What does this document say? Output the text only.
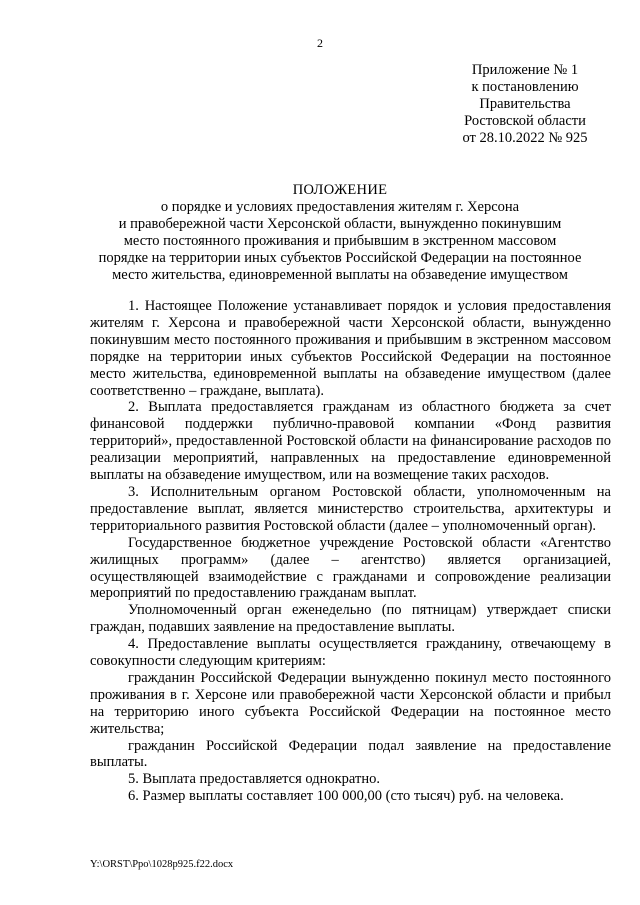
2
Приложение № 1
к постановлению
Правительства
Ростовской области
от 28.10.2022 № 925
ПОЛОЖЕНИЕ
о порядке и условиях предоставления жителям г. Херсона
и правобережной части Херсонской области, вынужденно покинувшим
место постоянного проживания и прибывшим в экстренном массовом
порядке на территории иных субъектов Российской Федерации на постоянное
место жительства, единовременной выплаты на обзаведение имуществом

1. Настоящее Положение устанавливает порядок и условия предоставления жителям г. Херсона и правобережной части Херсонской области, вынужденно покинувшим место постоянного проживания и прибывшим в экстренном массовом порядке на территории иных субъектов Российской Федерации на постоянное место жительства, единовременной выплаты на обзаведение имуществом (далее соответственно – граждане, выплата).

2. Выплата предоставляется гражданам из областного бюджета за счет финансовой поддержки публично-правовой компании «Фонд развития территорий», предоставленной Ростовской области на финансирование расходов по реализации мероприятий, направленных на предоставление единовременной выплаты на обзаведение имуществом, или на возмещение таких расходов.

3. Исполнительным органом Ростовской области, уполномоченным на предоставление выплат, является министерство строительства, архитектуры и территориального развития Ростовской области (далее – уполномоченный орган).

Государственное бюджетное учреждение Ростовской области «Агентство жилищных программ» (далее – агентство) является организацией, осуществляющей взаимодействие с гражданами и сопровождение реализации мероприятий по предоставлению гражданам выплат.

Уполномоченный орган еженедельно (по пятницам) утверждает списки граждан, подавших заявление на предоставление выплаты.

4. Предоставление выплаты осуществляется гражданину, отвечающему в совокупности следующим критериям:

гражданин Российской Федерации вынужденно покинул место постоянного проживания в г. Херсоне или правобережной части Херсонской области и прибыл на территорию иного субъекта Российской Федерации на постоянное место жительства;

гражданин Российской Федерации подал заявление на предоставление выплаты.

5. Выплата предоставляется однократно.

6. Размер выплаты составляет 100 000,00 (сто тысяч) руб. на человека.

Y:\ORST\Ppo\1028p925.f22.docx
